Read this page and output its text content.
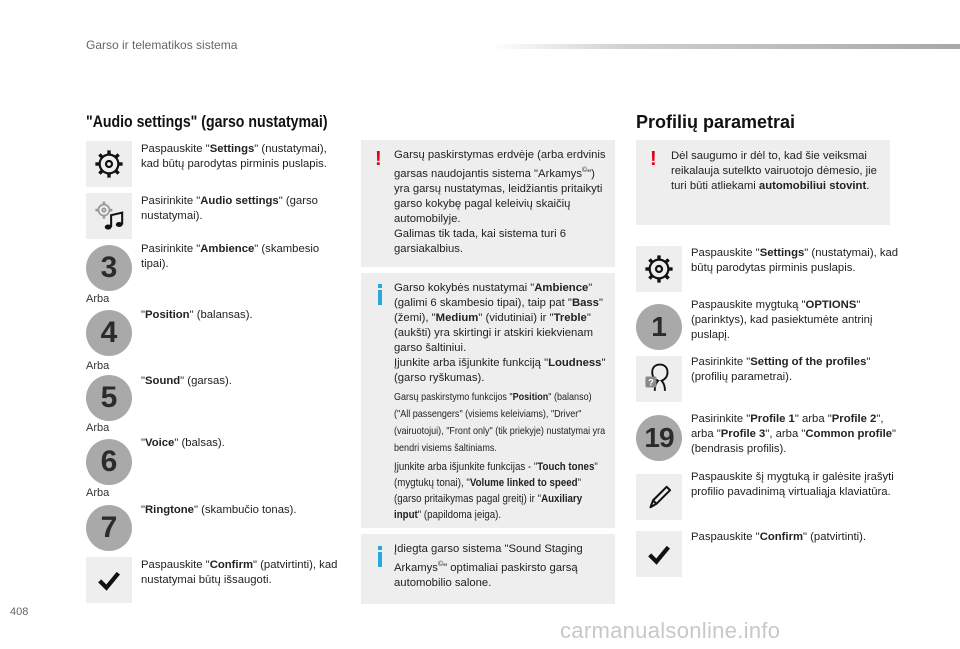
Garso ir telematikos sistema
"Audio settings" (garso nustatymai)
Paspauskite "Settings" (nustatymai), kad būtų parodytas pirminis puslapis.
Pasirinkite "Audio settings" (garso nustatymai).
3
Pasirinkite "Ambience" (skambesio tipai).
Arba
4
"Position" (balansas).
Arba
5	"Sound" (garsas).
Arba
6
"Voice" (balsas).
Arba
7
"Ringtone" (skambučio tonas).
Paspauskite "Confirm" (patvirtinti), kad nustatymai būtų išsaugoti.
! Garsų paskirstymas erdvėje (arba erdvinis garsas naudojantis sistema "Arkamys©") yra garsų nustatymas, leidžiantis pritaikyti garso kokybę pagal keleivių skaičių automobilyje.
Galimas tik tada, kai sistema turi 6 garsiakalbius.
Garso kokybės nustatymai "Ambience" (galimi 6 skambesio tipai), taip pat "Bass" (žemi), "Medium" (vidutiniai) ir "Treble" (aukšti) yra skirtingi ir atskiri kiekvienam garso šaltiniui.
Įjunkite arba išjunkite funkciją "Loudness" (garso ryškumas).
Garsų paskirstymo funkcijos "Position" (balanso) ("All passengers" (visiems keleiviams), "Driver" (vairuotojui), "Front only" (tik priekyje) nustatymai yra bendri visiems šaltiniams.
Įjunkite arba išjunkite funkcijas - "Touch tones" (mygtukų tonai), "Volume linked to speed" (garso pritaikymas pagal greitį) ir "Auxiliary input" (papildoma įeiga).
Įdiegta garso sistema "Sound Staging Arkamys©" optimaliai paskirsto garsą automobilio salone.
Profilių parametrai
! Dėl saugumo ir dėl to, kad šie veiksmai reikalauja sutelkto vairuotojo dėmesio, jie turi būti atliekami automobiliui stovint.
Paspauskite "Settings" (nustatymai), kad būtų parodytas pirminis puslapis.
1
Paspauskite mygtuką "OPTIONS" (parinktys), kad pasiektumėte antrinį puslapį.
?
Pasirinkite "Setting of the profiles" (profilių parametrai).
19
Pasirinkite "Profile 1" arba "Profile 2", arba "Profile 3", arba "Common profile" (bendrasis profilis).
Paspauskite šį mygtuką ir galėsite įrašyti profilio pavadinimą virtualiąja klaviatūra.
Paspauskite "Confirm" (patvirtinti).
408
carmanualsonline.info
